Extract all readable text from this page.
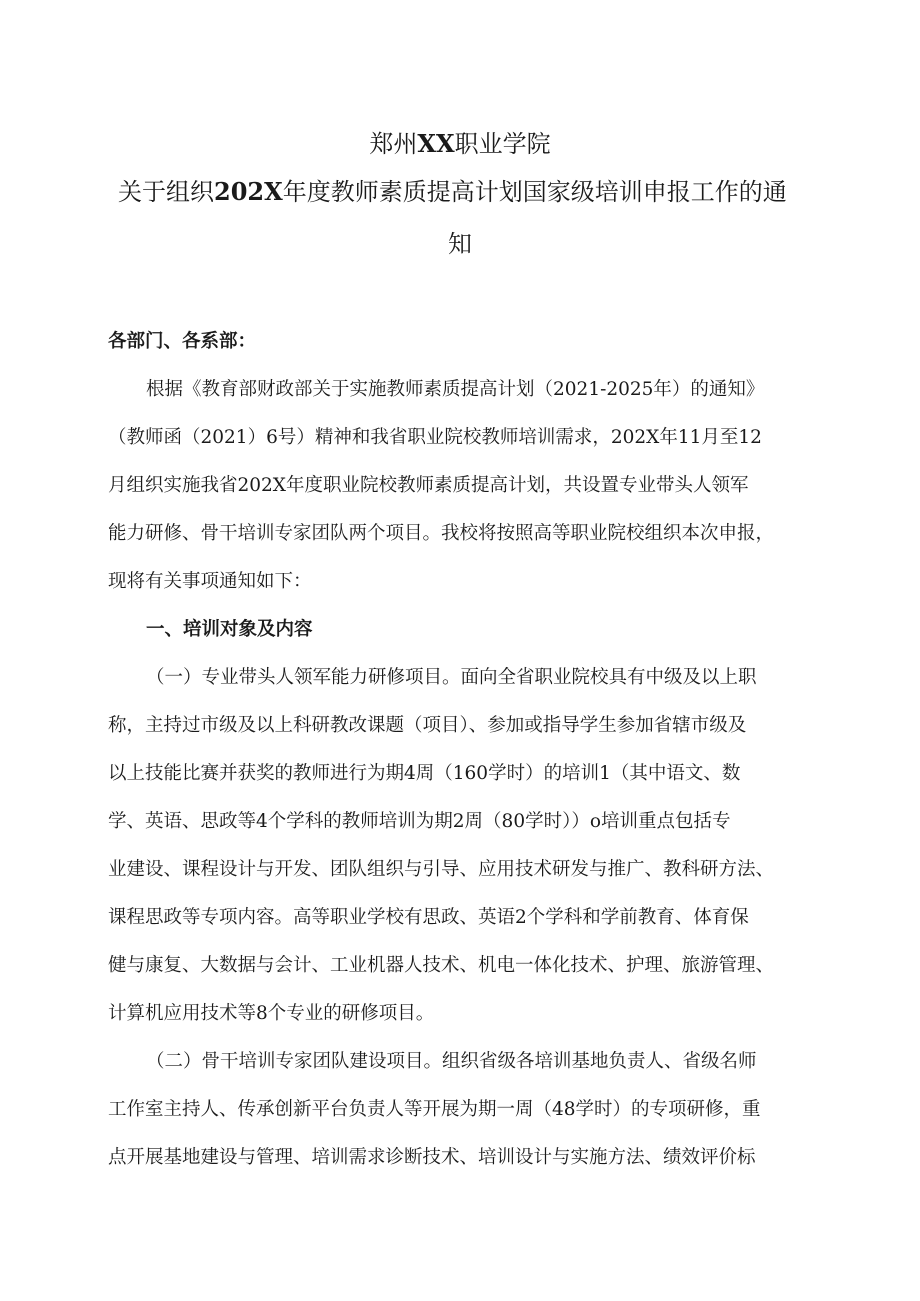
郑州XX职业学院
关于组织202X年度教师素质提高计划国家级培训申报工作的通
知

各部门、各系部：

根据《教育部财政部关于实施教师素质提高计划（2021-2025年）的通知》
（教师函（2021）6号）精神和我省职业院校教师培训需求，202X年11月至12
月组织实施我省202X年度职业院校教师素质提高计划，共设置专业带头人领军
能力研修、骨干培训专家团队两个项目。我校将按照高等职业院校组织本次申报，
现将有关事项通知如下：
一、培训对象及内容
（一）专业带头人领军能力研修项目。面向全省职业院校具有中级及以上职
称，主持过市级及以上科研教改课题（项目）、参加或指导学生参加省辖市级及
以上技能比赛并获奖的教师进行为期4周（160学时）的培训1（其中语文、数
学、英语、思政等4个学科的教师培训为期2周（80学时））o培训重点包括专
业建设、课程设计与开发、团队组织与引导、应用技术研发与推广、教科研方法、
课程思政等专项内容。高等职业学校有思政、英语2个学科和学前教育、体育保
健与康复、大数据与会计、工业机器人技术、机电一体化技术、护理、旅游管理、
计算机应用技术等8个专业的研修项目。
（二）骨干培训专家团队建设项目。组织省级各培训基地负责人、省级名师
工作室主持人、传承创新平台负责人等开展为期一周（48学时）的专项研修，重
点开展基地建设与管理、培训需求诊断技术、培训设计与实施方法、绩效评价标
